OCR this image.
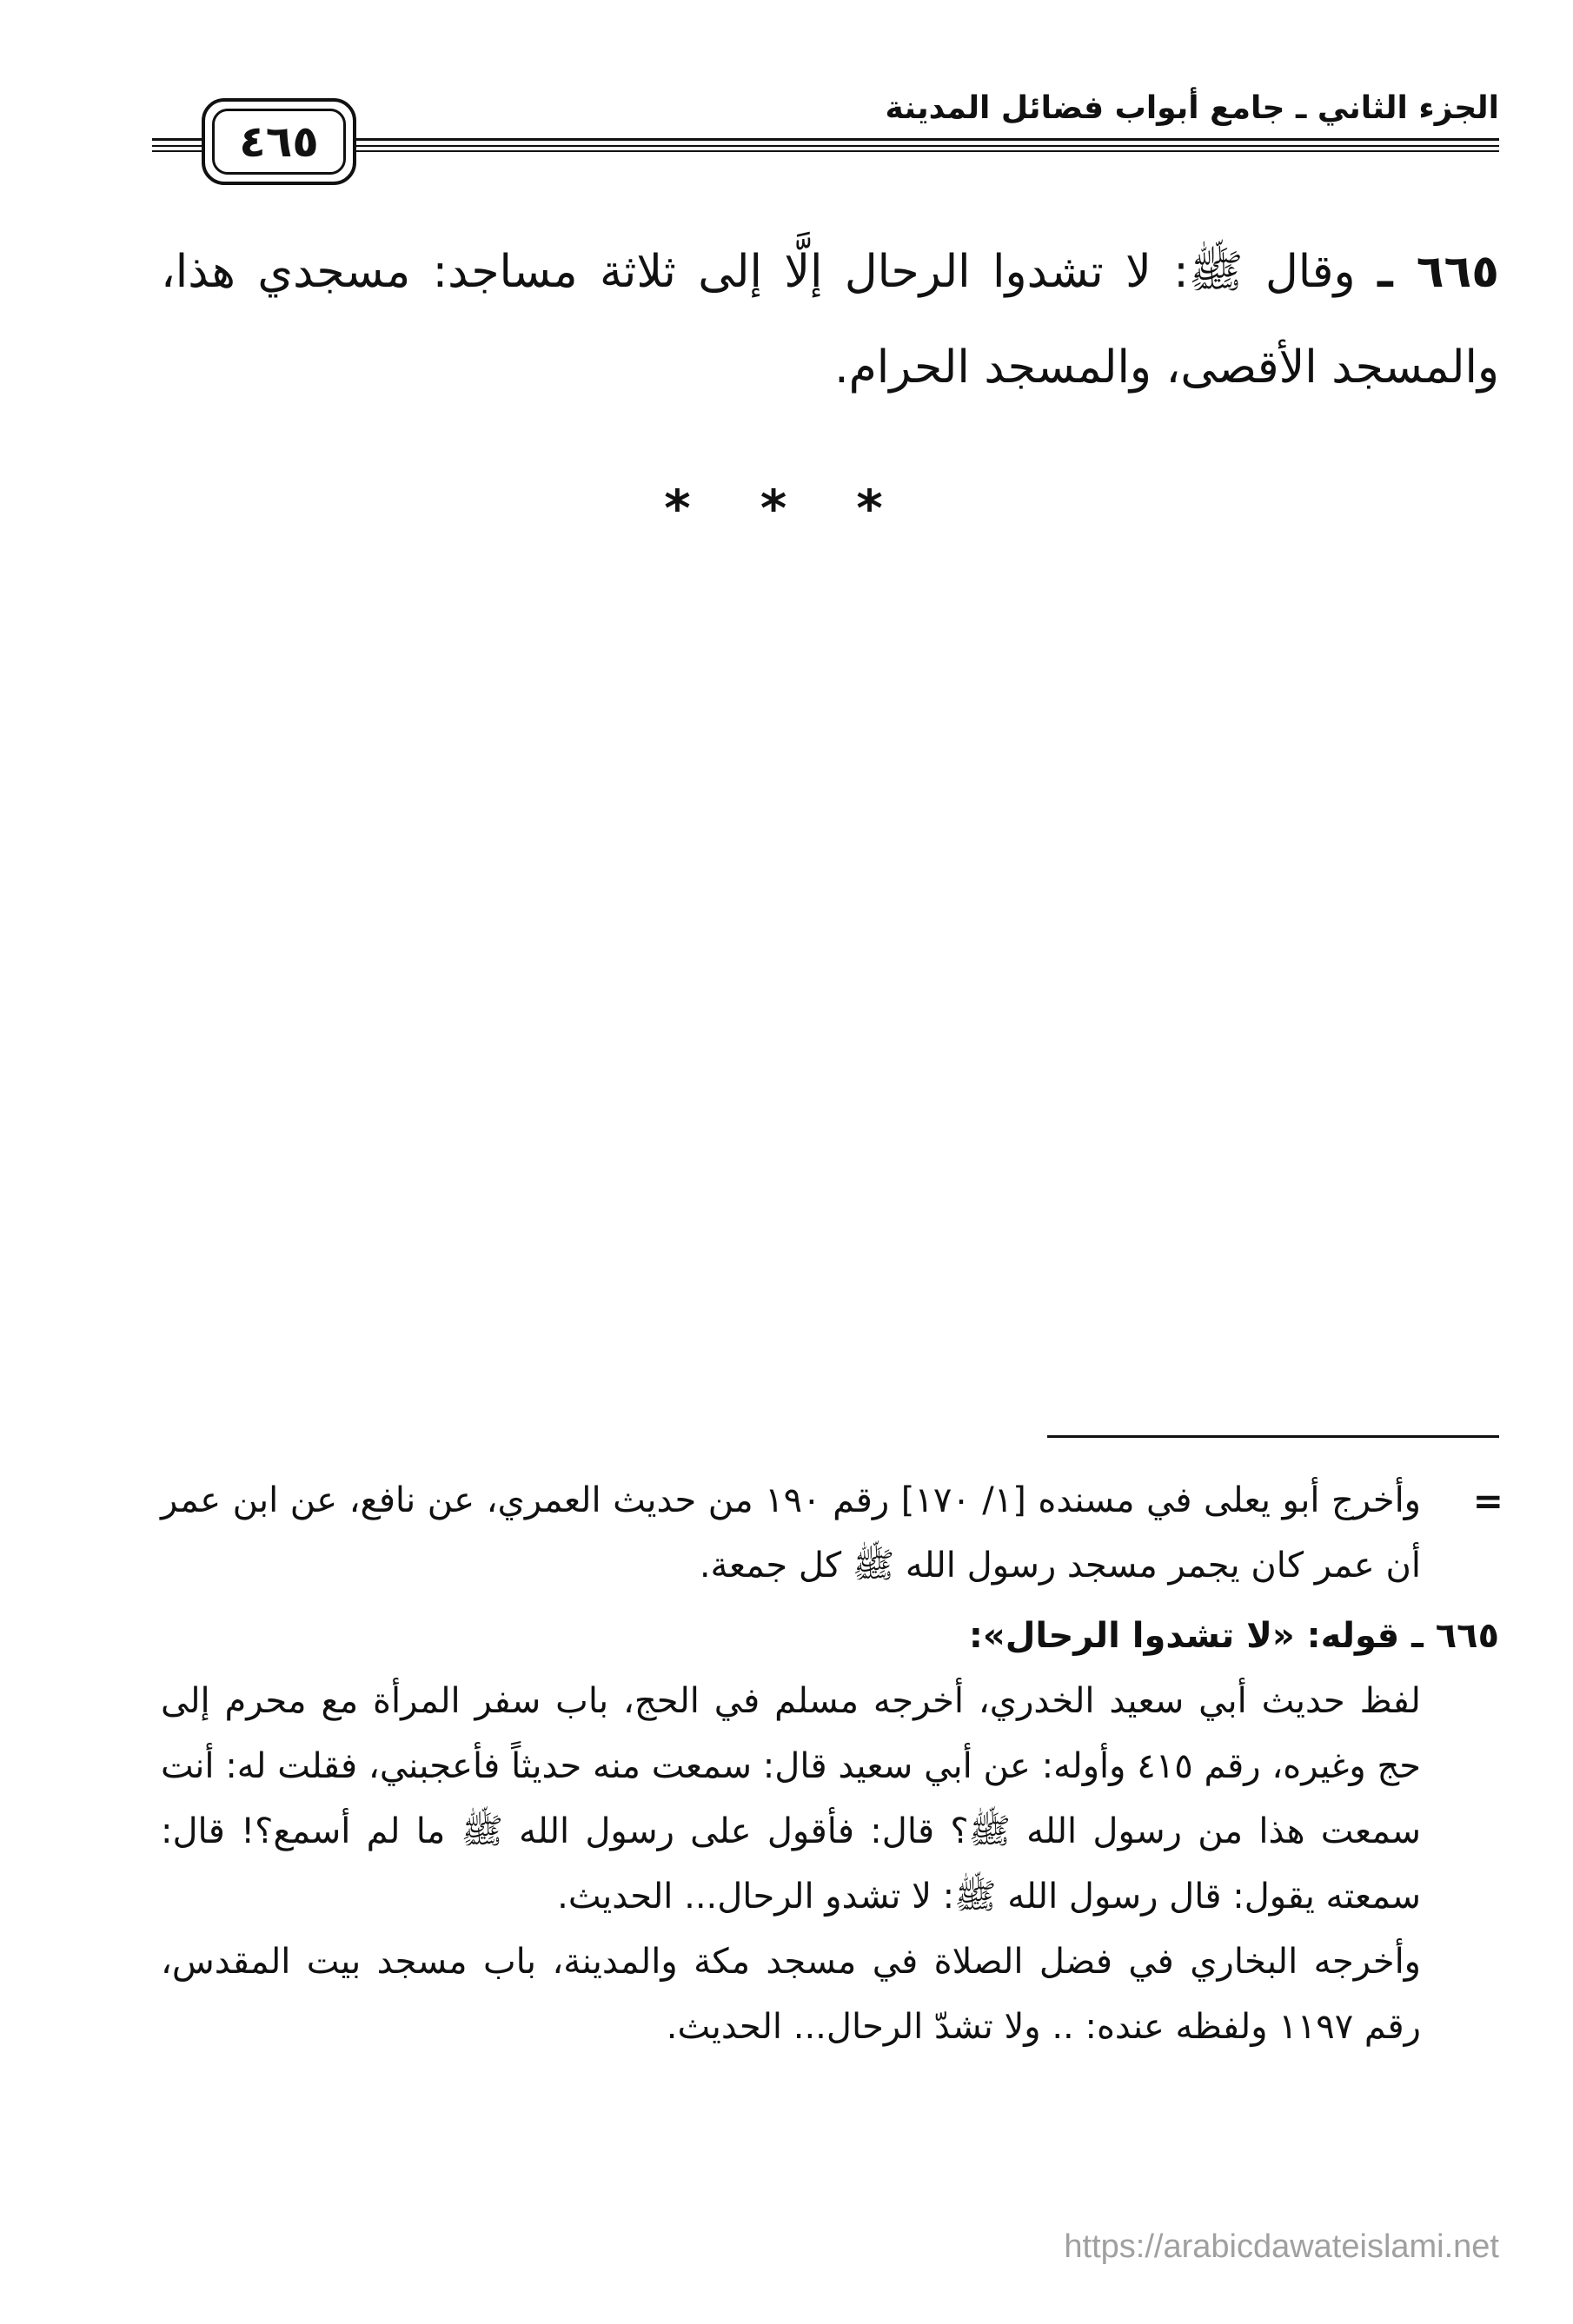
الجزء الثاني ـ جامع أبواب فضائل المدينة
٤٦٥
٦٦٥ ـ وقال ﷺ: لا تشدوا الرحال إلَّا إلى ثلاثة مساجد: مسجدي هذا، والمسجد الأقصى، والمسجد الحرام.
* * *
=

وأخرج أبو يعلى في مسنده [١/ ١٧٠] رقم ١٩٠ من حديث العمري، عن نافع، عن ابن عمر أن عمر كان يجمر مسجد رسول الله ﷺ كل جمعة.

٦٦٥ ـ قوله: «لا تشدوا الرحال»:

لفظ حديث أبي سعيد الخدري، أخرجه مسلم في الحج، باب سفر المرأة مع محرم إلى حج وغيره، رقم ٤١٥ وأوله: عن أبي سعيد قال: سمعت منه حديثاً فأعجبني، فقلت له: أنت سمعت هذا من رسول الله ﷺ؟ قال: فأقول على رسول الله ﷺ ما لم أسمع؟! قال: سمعته يقول: قال رسول الله ﷺ: لا تشدو الرحال... الحديث.

وأخرجه البخاري في فضل الصلاة في مسجد مكة والمدينة، باب مسجد بيت المقدس، رقم ١١٩٧ ولفظه عنده: .. ولا تشدّ الرحال... الحديث.

https://arabicdawateislami.net
